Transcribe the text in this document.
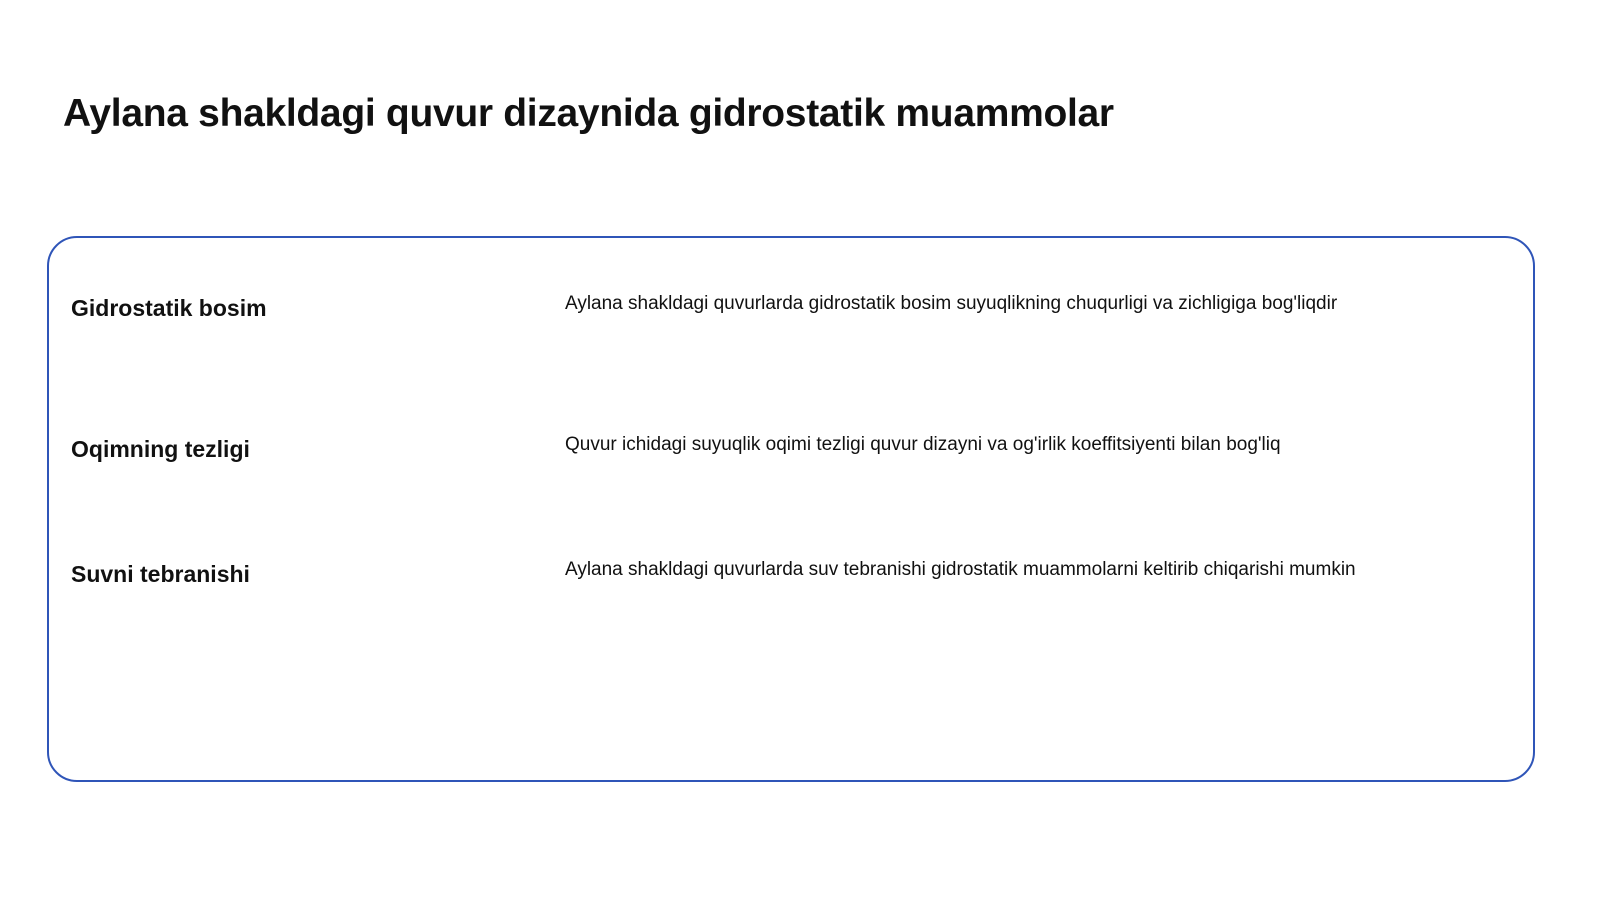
Aylana shakldagi quvur dizaynida gidrostatik muammolar
Gidrostatik bosim	Aylana shakldagi quvurlarda gidrostatik bosim suyuqlikning chuqurligi va zichligiga bog'liqdir
Oqimning tezligi	Quvur ichidagi suyuqlik oqimi tezligi quvur dizayni va og'irlik koeffitsiyenti bilan bog'liq
Suvni tebranishi	Aylana shakldagi quvurlarda suv tebranishi gidrostatik muammolarni keltirib chiqarishi mumkin
